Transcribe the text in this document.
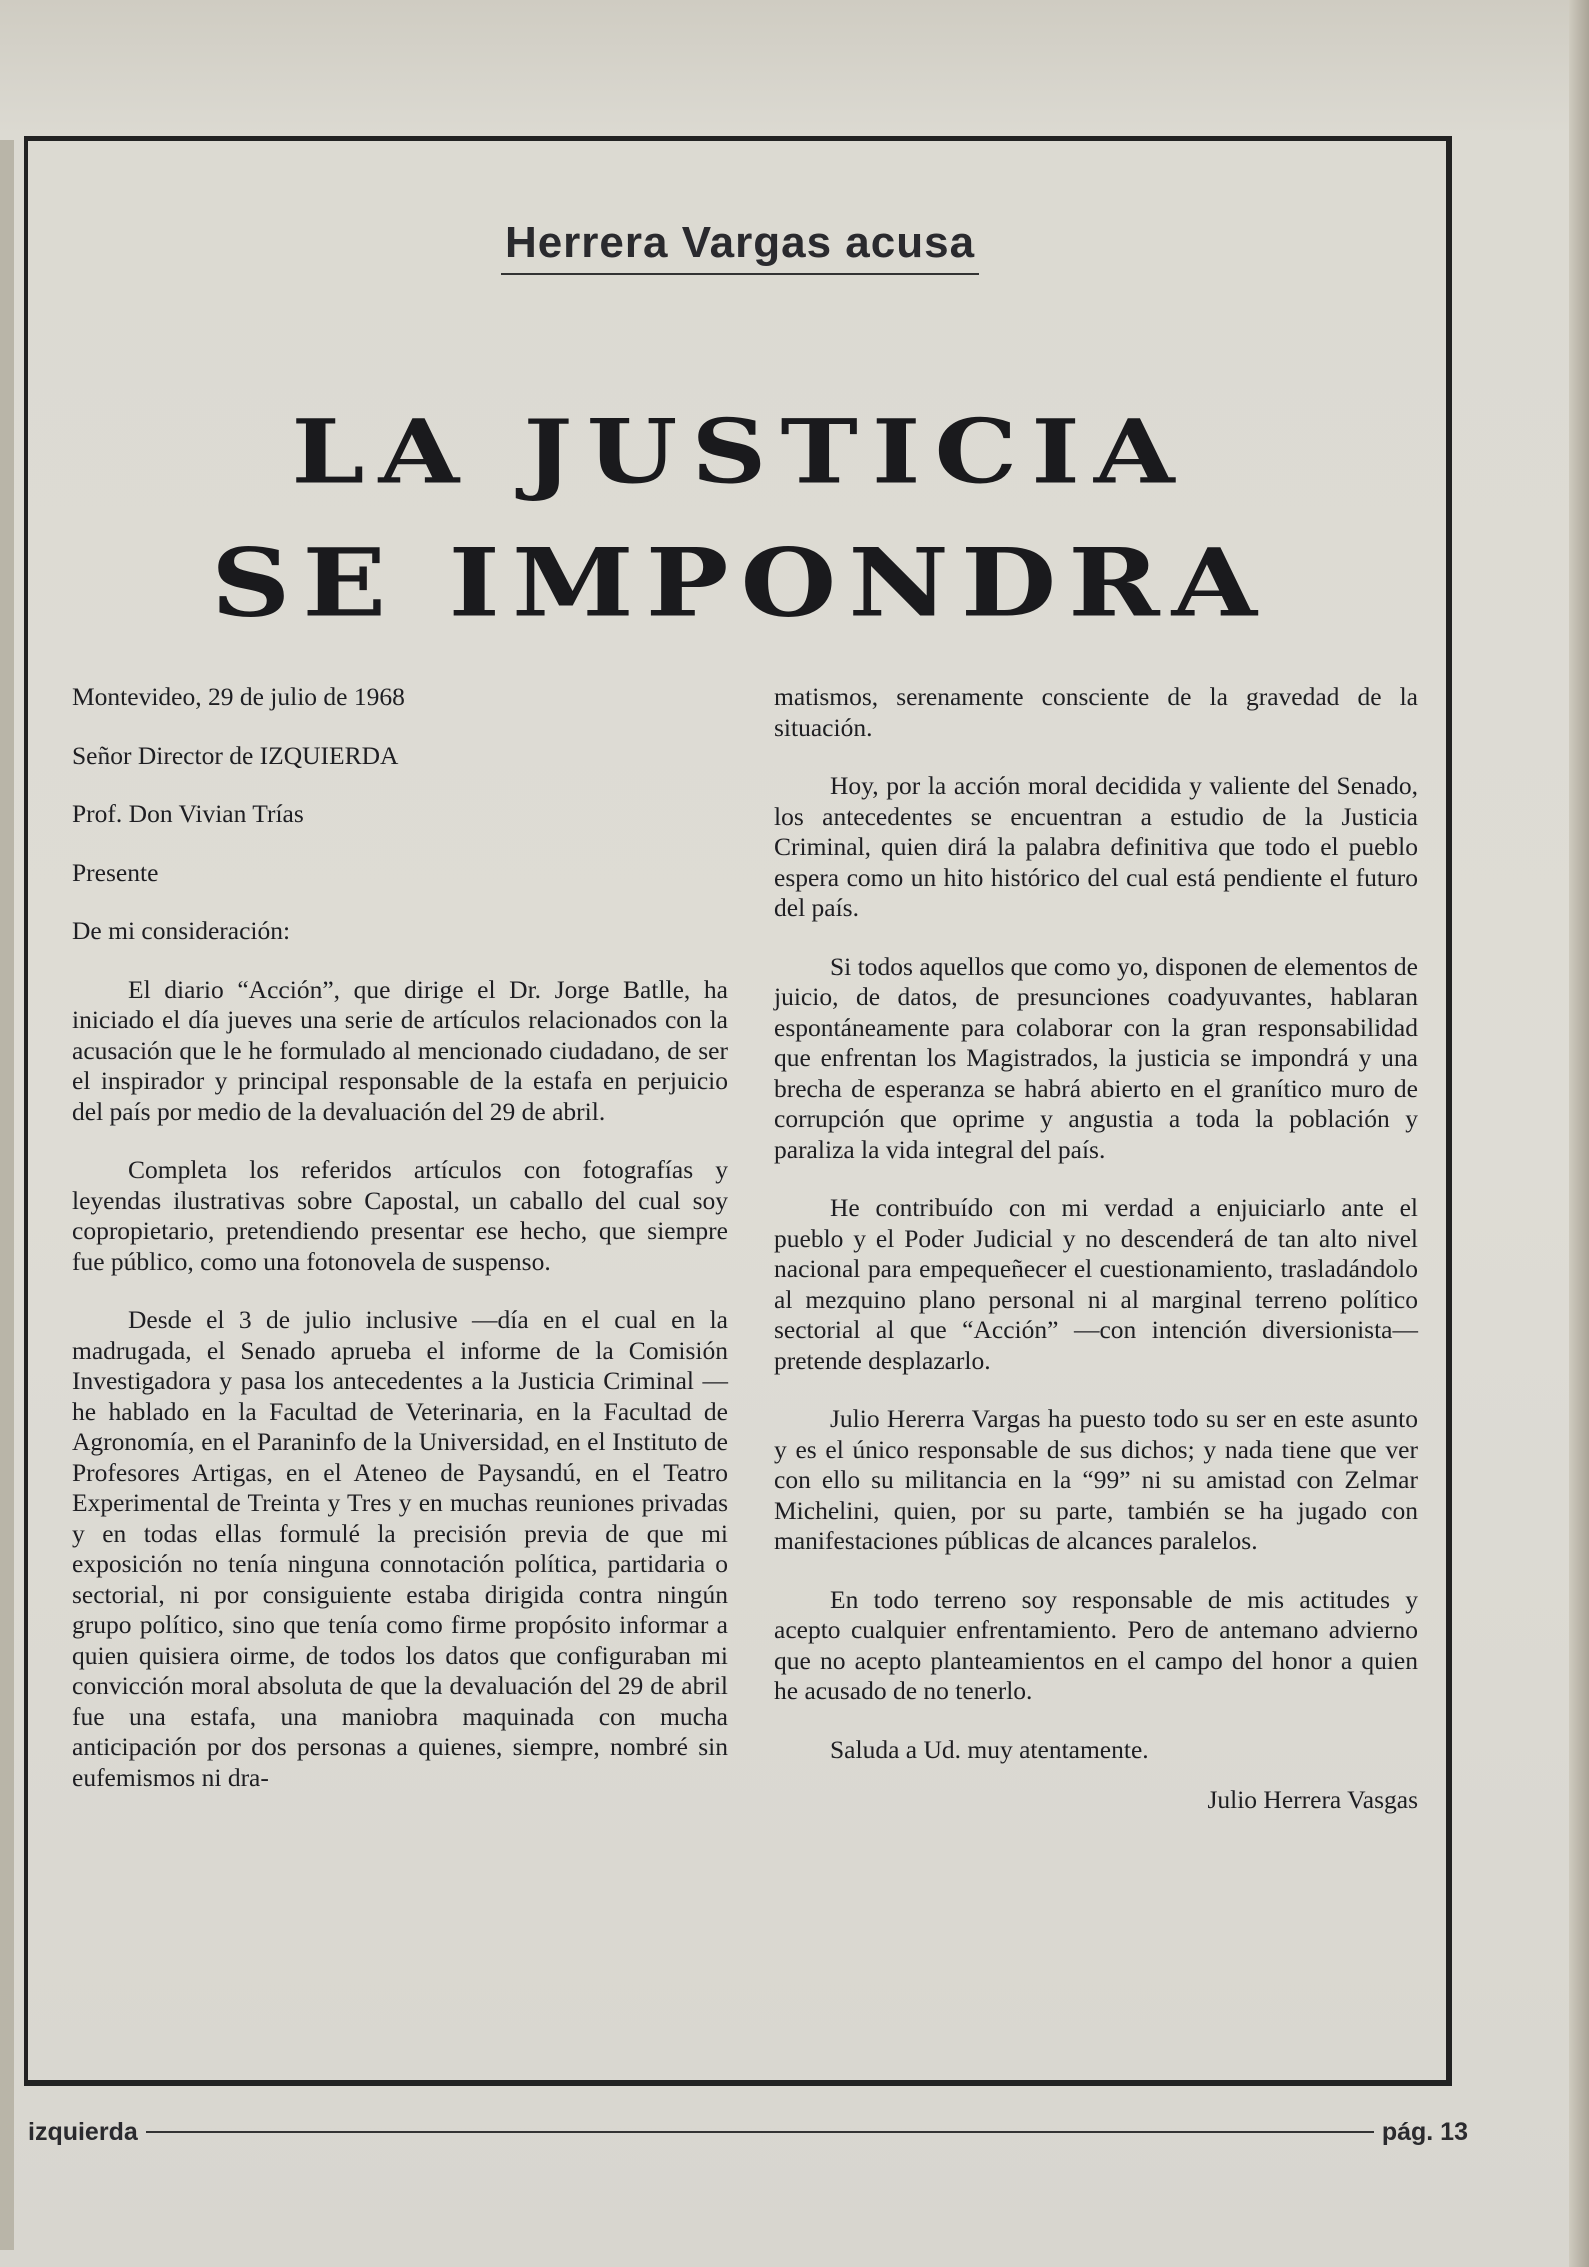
Herrera Vargas acusa
LA JUSTICIA
SE IMPONDRA

Montevideo, 29 de julio de 1968

Señor Director de IZQUIERDA

Prof. Don Vivian Trías

Presente

De mi consideración:

El diario “Acción”, que dirige el Dr. Jorge Batlle, ha iniciado el día jueves una serie de artículos relacionados con la acusación que le he formulado al mencionado ciudadano, de ser el inspirador y principal responsable de la estafa en perjuicio del país por medio de la devaluación del 29 de abril.

Completa los referidos artículos con fotografías y leyendas ilustrativas sobre Capostal, un caballo del cual soy copropietario, pretendiendo presentar ese hecho, que siempre fue público, como una fotonovela de suspenso.

Desde el 3 de julio inclusive —día en el cual en la madrugada, el Senado aprueba el informe de la Comisión Investigadora y pasa los antecedentes a la Justicia Criminal —he hablado en la Facultad de Veterinaria, en la Facultad de Agronomía, en el Paraninfo de la Universidad, en el Instituto de Profesores Artigas, en el Ateneo de Paysandú, en el Teatro Experimental de Treinta y Tres y en muchas reuniones privadas y en todas ellas formulé la precisión previa de que mi exposición no tenía ninguna connotación política, partidaria o sectorial, ni por consiguiente estaba dirigida contra ningún grupo político, sino que tenía como firme propósito informar a quien quisiera oirme, de todos los datos que configuraban mi convicción moral absoluta de que la devaluación del 29 de abril fue una estafa, una maniobra maquinada con mucha anticipación por dos personas a quienes, siempre, nombré sin eufemismos ni dra-

matismos, serenamente consciente de la gravedad de la situación.

Hoy, por la acción moral decidida y valiente del Senado, los antecedentes se encuentran a estudio de la Justicia Criminal, quien dirá la palabra definitiva que todo el pueblo espera como un hito histórico del cual está pendiente el futuro del país.

Si todos aquellos que como yo, disponen de elementos de juicio, de datos, de presunciones coadyuvantes, hablaran espontáneamente para colaborar con la gran responsabilidad que enfrentan los Magistrados, la justicia se impondrá y una brecha de esperanza se habrá abierto en el granítico muro de corrupción que oprime y angustia a toda la población y paraliza la vida integral del país.

He contribuído con mi verdad a enjuiciarlo ante el pueblo y el Poder Judicial y no descenderá de tan alto nivel nacional para empequeñecer el cuestionamiento, trasladándolo al mezquino plano personal ni al marginal terreno político sectorial al que “Acción” —con intención diversionista— pretende desplazarlo.

Julio Hererra Vargas ha puesto todo su ser en este asunto y es el único responsable de sus dichos; y nada tiene que ver con ello su militancia en la “99” ni su amistad con Zelmar Michelini, quien, por su parte, también se ha jugado con manifestaciones públicas de alcances paralelos.

En todo terreno soy responsable de mis actitudes y acepto cualquier enfrentamiento. Pero de antemano advierno que no acepto planteamientos en el campo del honor a quien he acusado de no tenerlo.

Saluda a Ud. muy atentamente.

Julio Herrera Vasgas

izquierda	pág. 13
